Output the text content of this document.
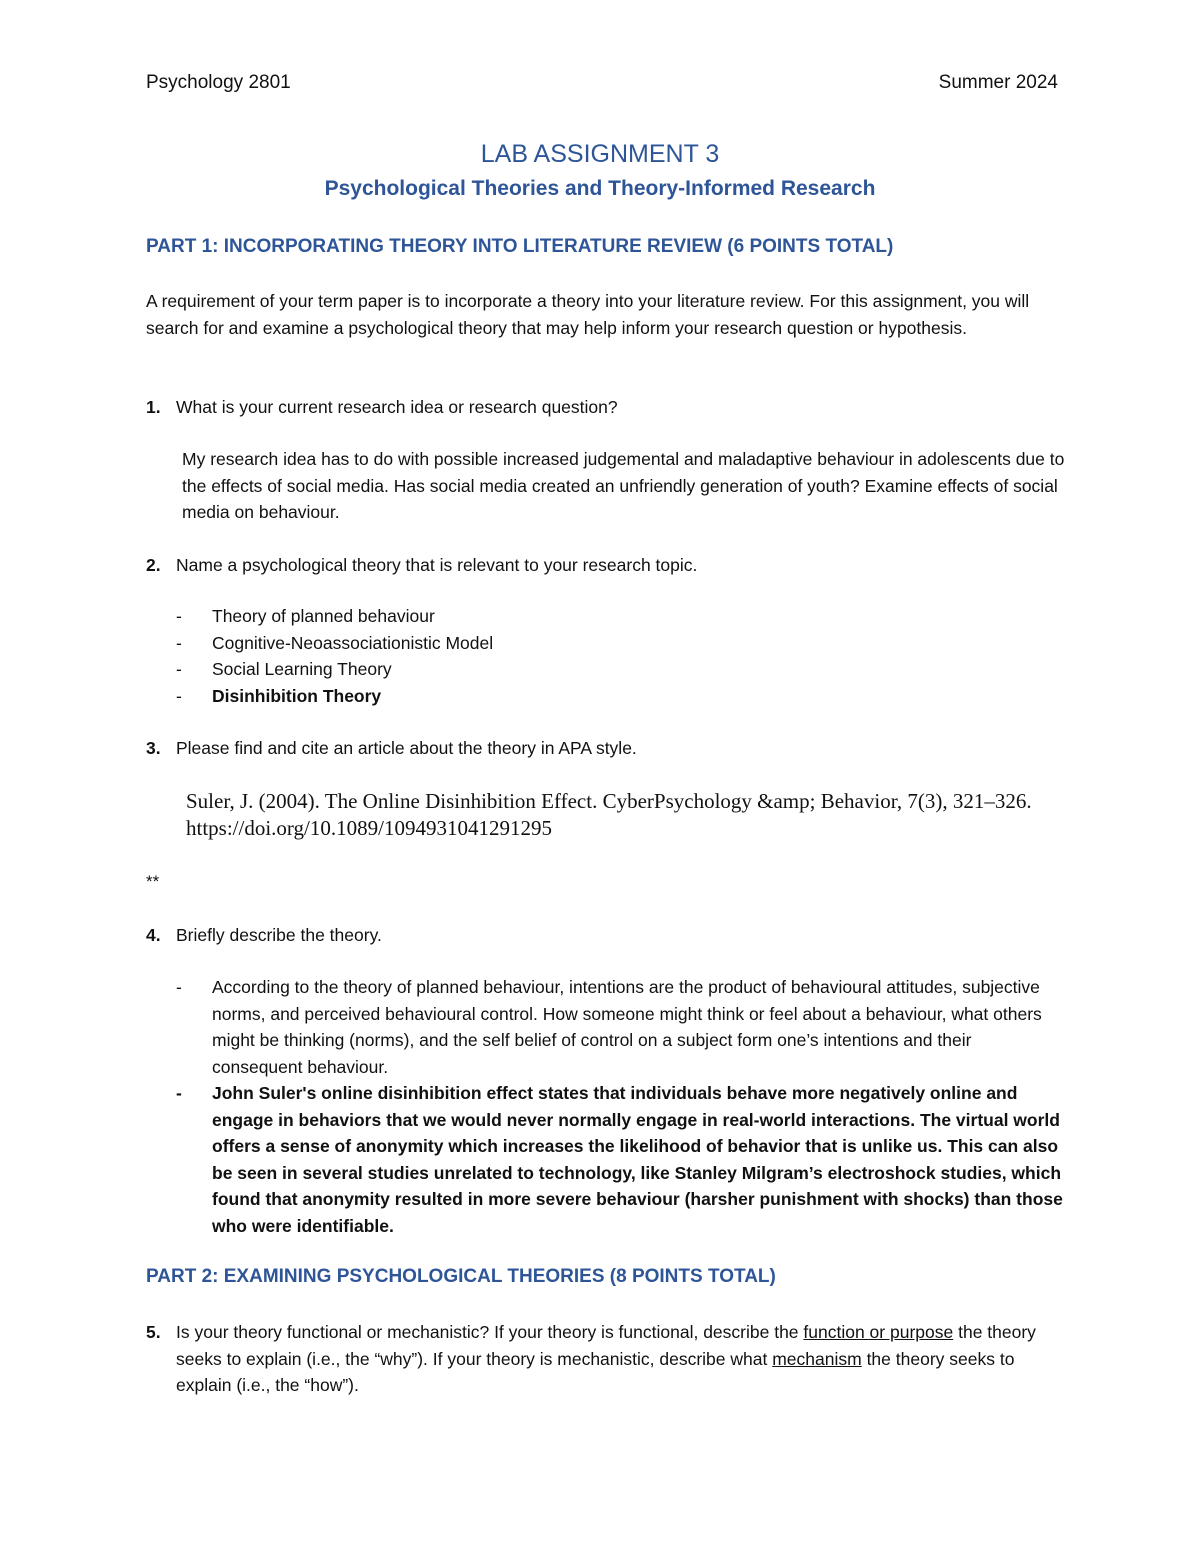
Psychology 2801	Summer 2024
LAB ASSIGNMENT 3
Psychological Theories and Theory-Informed Research
PART 1: INCORPORATING THEORY INTO LITERATURE REVIEW (6 POINTS TOTAL)
A requirement of your term paper is to incorporate a theory into your literature review. For this assignment, you will search for and examine a psychological theory that may help inform your research question or hypothesis.
1. What is your current research idea or research question?
My research idea has to do with possible increased judgemental and maladaptive behaviour in adolescents due to the effects of social media. Has social media created an unfriendly generation of youth? Examine effects of social media on behaviour.
2. Name a psychological theory that is relevant to your research topic.
- Theory of planned behaviour
- Cognitive-Neoassociationistic Model
- Social Learning Theory
- Disinhibition Theory
3. Please find and cite an article about the theory in APA style.
Suler, J. (2004). The Online Disinhibition Effect. CyberPsychology &amp; Behavior, 7(3), 321–326. https://doi.org/10.1089/1094931041291295
**
4. Briefly describe the theory.
- According to the theory of planned behaviour, intentions are the product of behavioural attitudes, subjective norms, and perceived behavioural control. How someone might think or feel about a behaviour, what others might be thinking (norms), and the self belief of control on a subject form one’s intentions and their consequent behaviour.
- John Suler's online disinhibition effect states that individuals behave more negatively online and engage in behaviors that we would never normally engage in real-world interactions. The virtual world offers a sense of anonymity which increases the likelihood of behavior that is unlike us. This can also be seen in several studies unrelated to technology, like Stanley Milgram’s electroshock studies, which found that anonymity resulted in more severe behaviour (harsher punishment with shocks) than those who were identifiable.
PART 2: EXAMINING PSYCHOLOGICAL THEORIES (8 POINTS TOTAL)
5. Is your theory functional or mechanistic? If your theory is functional, describe the function or purpose the theory seeks to explain (i.e., the “why”). If your theory is mechanistic, describe what mechanism the theory seeks to explain (i.e., the “how”).
